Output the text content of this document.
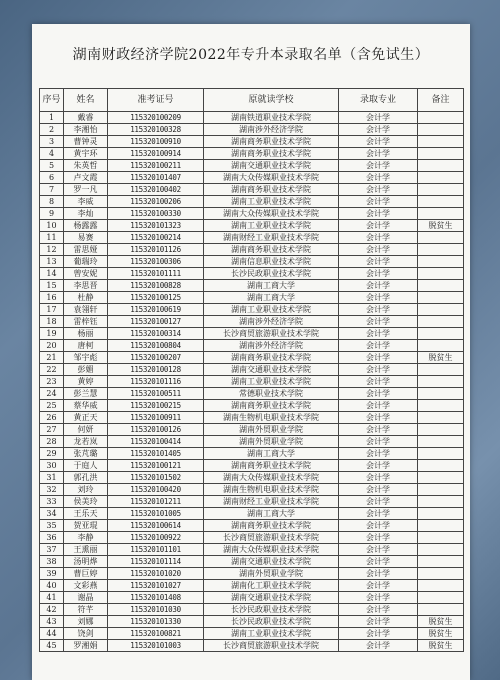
湖南财政经济学院2022年专升本录取名单（含免试生）
序号	姓名	准考证号	原就读学校	录取专业	备注
1	戴睿	115320100209	湖南铁道职业技术学院	会计学	
2	李湘怡	115320100328	湖南涉外经济学院	会计学	
3	曹钟灵	115320100910	湖南商务职业技术学院	会计学	
4	黄宇环	115320100914	湖南商务职业技术学院	会计学	
5	朱英哲	115320100211	湖南交通职业技术学院	会计学	
6	卢文霞	115320101407	湖南大众传媒职业技术学院	会计学	
7	罗一凡	115320100402	湖南商务职业技术学院	会计学	
8	李威	115320100206	湖南工业职业技术学院	会计学	
9	李灿	115320100330	湖南大众传媒职业技术学院	会计学	
10	杨露露	115320101323	湖南工业职业技术学院	会计学	脱贫生
11	易赛	115320100214	湖南财经工业职业技术学院	会计学	
12	雷思娅	115320101126	湖南商务职业技术学院	会计学	
13	葡瑞玲	115320100306	湖南信息职业技术学院	会计学	
14	曾安妮	115320101111	长沙民政职业技术学院	会计学	
15	李思晋	115320100828	湖南工商大学	会计学	
16	杜静	115320100125	湖南工商大学	会计学	
17	袁翎轩	115320100619	湖南工业职业技术学院	会计学	
18	雷梓钰	115320100127	湖南涉外经济学院	会计学	
19	杨丽	115320100314	长沙商贸旅游职业技术学院	会计学	
20	唐柯	115320100804	湖南涉外经济学院	会计学	
21	邹宇彪	115320100207	湖南商务职业技术学院	会计学	脱贫生
22	彭媚	115320100128	湖南交通职业技术学院	会计学	
23	黄婷	115320101116	湖南工业职业技术学院	会计学	
24	彭兰慧	115320100511	常德职业技术学院	会计学	
25	蔡华威	115320100215	湖南商务职业技术学院	会计学	
26	黄正天	115320100911	湖南生物机电职业技术学院	会计学	
27	何妍	115320100126	湖南外贸职业学院	会计学	
28	龙若岚	115320100414	湖南外贸职业学院	会计学	
29	张芃璐	115320101405	湖南工商大学	会计学	
30	于庭人	115320100121	湖南商务职业技术学院	会计学	
31	郭孔洪	115320101502	湖南大众传媒职业技术学院	会计学	
32	刘玲	115320100420	湖南生物机电职业技术学院	会计学	
33	侯美玲	115320101211	湖南财经工业职业技术学院	会计学	
34	王乐天	115320101005	湖南工商大学	会计学	
35	贺亚琨	115320100614	湖南商务职业技术学院	会计学	
36	李静	115320100922	长沙商贸旅游职业技术学院	会计学	
37	王熏丽	115320101101	湖南大众传媒职业技术学院	会计学	
38	汤明烨	115320101114	湖南交通职业技术学院	会计学	
39	曹巨婷	115320101020	湖南外贸职业学院	会计学	
40	文彩燕	115320101027	湖南化工职业技术学院	会计学	
41	谢晶	115320101408	湖南交通职业技术学院	会计学	
42	符芊	115320101030	长沙民政职业技术学院	会计学	
43	刘娜	115320101330	长沙民政职业技术学院	会计学	脱贫生
44	饶剑	115320100821	湖南工业职业技术学院	会计学	脱贫生
45	罗湘娟	115320101003	长沙商贸旅游职业技术学院	会计学	脱贫生
